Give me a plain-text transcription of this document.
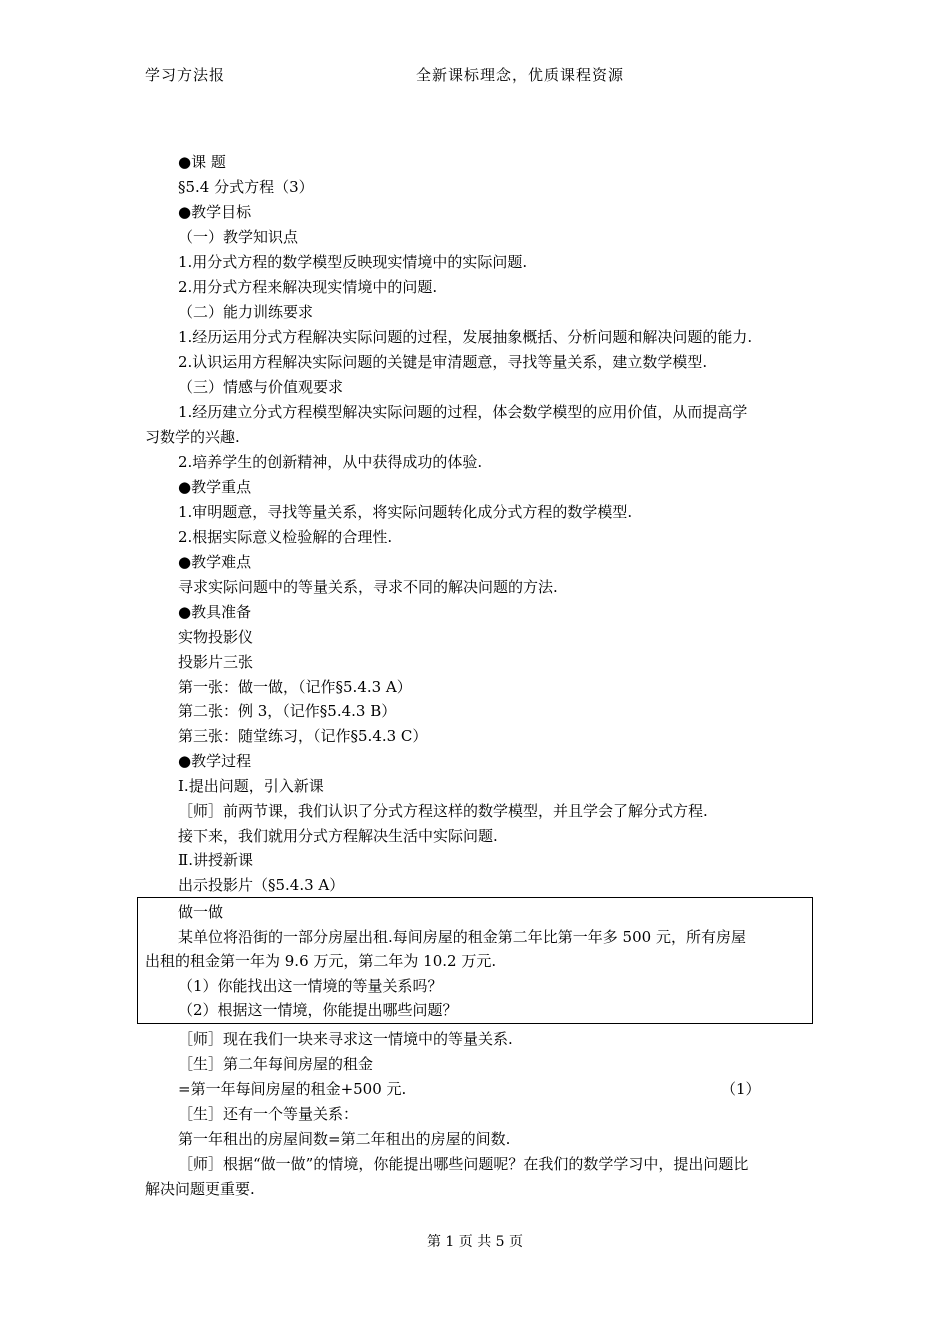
学习方法报	全新课标理念，优质课程资源
●课 题
§5.4 分式方程（3）
●教学目标
（一）教学知识点
1.用分式方程的数学模型反映现实情境中的实际问题.
2.用分式方程来解决现实情境中的问题.
（二）能力训练要求
1.经历运用分式方程解决实际问题的过程，发展抽象概括、分析问题和解决问题的能力.
2.认识运用方程解决实际问题的关键是审清题意，寻找等量关系，建立数学模型.
（三）情感与价值观要求
1.经历建立分式方程模型解决实际问题的过程，体会数学模型的应用价值，从而提高学
习数学的兴趣.
2.培养学生的创新精神，从中获得成功的体验.
●教学重点
1.审明题意，寻找等量关系，将实际问题转化成分式方程的数学模型.
2.根据实际意义检验解的合理性.
●教学难点
寻求实际问题中的等量关系，寻求不同的解决问题的方法.
●教具准备
实物投影仪
投影片三张
第一张：做一做，（记作§5.4.3 A）
第二张：例 3，（记作§5.4.3 B）
第三张：随堂练习，（记作§5.4.3 C）
●教学过程
Ⅰ.提出问题，引入新课
［师］前两节课，我们认识了分式方程这样的数学模型，并且学会了解分式方程.
接下来，我们就用分式方程解决生活中实际问题.
Ⅱ.讲授新课
出示投影片（§5.4.3 A）
做一做
某单位将沿街的一部分房屋出租.每间房屋的租金第二年比第一年多 500 元，所有房屋
出租的租金第一年为 9.6 万元，第二年为 10.2 万元.
（1）你能找出这一情境的等量关系吗？
（2）根据这一情境，你能提出哪些问题？
［师］现在我们一块来寻求这一情境中的等量关系.
［生］第二年每间房屋的租金
=第一年每间房屋的租金+500 元.	（1）
［生］还有一个等量关系：
第一年租出的房屋间数=第二年租出的房屋的间数.
［师］根据“做一做”的情境，你能提出哪些问题呢？在我们的数学学习中，提出问题比
解决问题更重要.
第 1 页 共 5 页
